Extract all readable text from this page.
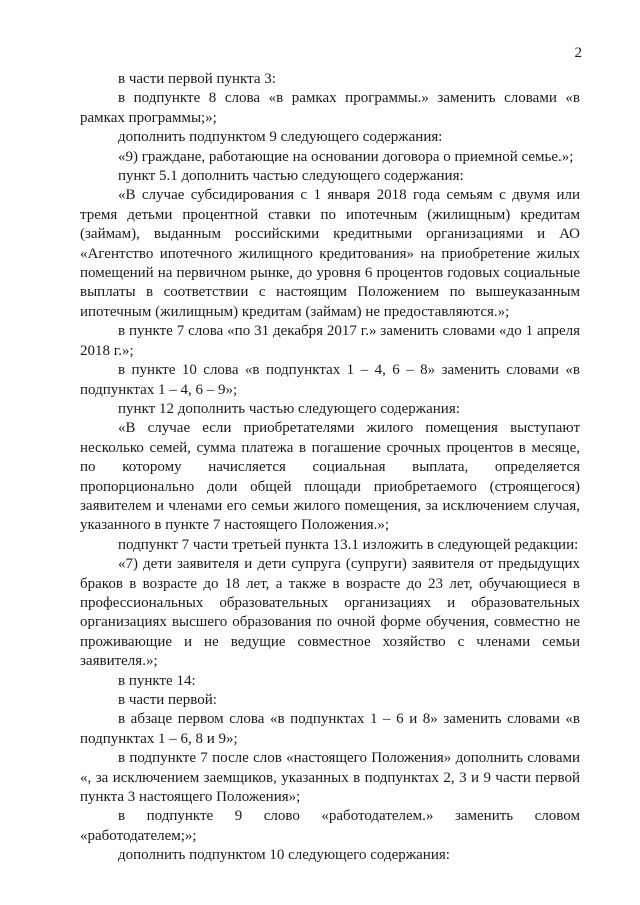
2

в части первой пункта 3:

в подпункте 8 слова «в рамках программы.» заменить словами «в рамках программы;»;

дополнить подпунктом 9 следующего содержания:

«9) граждане, работающие на основании договора о приемной семье.»;

пункт 5.1 дополнить частью следующего содержания:

«В случае субсидирования с 1 января 2018 года семьям с двумя или тремя детьми процентной ставки по ипотечным (жилищным) кредитам (займам), выданным российскими кредитными организациями и АО «Агентство ипотечного жилищного кредитования» на приобретение жилых помещений на первичном рынке, до уровня 6 процентов годовых социальные выплаты в соответствии с настоящим Положением по вышеуказанным ипотечным (жилищным) кредитам (займам) не предоставляются.»;

в пункте 7 слова «по 31 декабря 2017 г.» заменить словами «до 1 апреля 2018 г.»;

в пункте 10 слова «в подпунктах 1 – 4, 6 – 8» заменить словами «в подпунктах 1 – 4, 6 – 9»;

пункт 12 дополнить частью следующего содержания:

«В случае если приобретателями жилого помещения выступают несколько семей, сумма платежа в погашение срочных процентов в месяце, по которому начисляется социальная выплата, определяется пропорционально доли общей площади приобретаемого (строящегося) заявителем и членами его семьи жилого помещения, за исключением случая, указанного в пункте 7 настоящего Положения.»;

подпункт 7 части третьей пункта 13.1 изложить в следующей редакции:

«7) дети заявителя и дети супруга (супруги) заявителя от предыдущих браков в возрасте до 18 лет, а также в возрасте до 23 лет, обучающиеся в профессиональных образовательных организациях и образовательных организациях высшего образования по очной форме обучения, совместно не проживающие и не ведущие совместное хозяйство с членами семьи заявителя.»;

в пункте 14:

в части первой:

в абзаце первом слова «в подпунктах 1 – 6 и 8» заменить словами «в подпунктах 1 – 6, 8 и 9»;

в подпункте 7 после слов «настоящего Положения» дополнить словами «, за исключением заемщиков, указанных в подпунктах 2, 3 и 9 части первой пункта 3 настоящего Положения»;

в подпункте 9 слово «работодателем.» заменить словом «работодателем;»;

дополнить подпунктом 10 следующего содержания:
